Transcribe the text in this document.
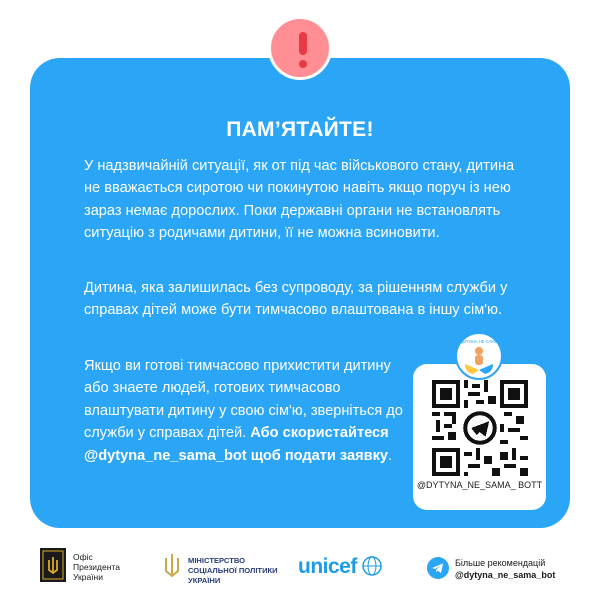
ПАМ’ЯТАЙТЕ!

У надзвичайній ситуації, як от під час військового стану, дитина не вважається сиротою чи покинутою навіть якщо поруч із нею зараз немає дорослих. Поки державні органи не встановлять ситуацію з родичами дитини, її не можна всиновити.

Дитина, яка залишилась без супроводу, за рішенням служби у справах дітей може бути тимчасово влаштована в іншу сім'ю.

Якщо ви готові тимчасово прихистити дитину або знаете людей, готових тимчасово влаштувати дитину у свою сім'ю, зверніться до служби у справах дітей. Або скористайтеся @dytyna_ne_sama_bot щоб подати заявку.

@DYTYNA_NE_SAMA_ BOTT
ДИТИНА НЕ САМА
Офіс Президента України
МІНІСТЕРСТВО СОЦІАЛЬНОЇ ПОЛІТИКИ УКРАЇНИ
unicef	Більше рекомендацій
@dytyna_ne_sama_bot
